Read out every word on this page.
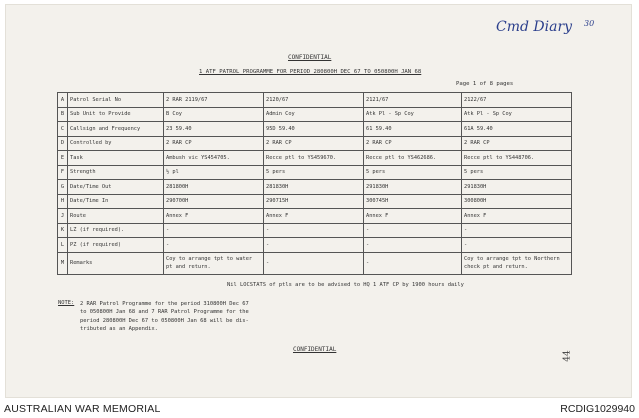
Cmd Diary 30
44
CONFIDENTIAL
1 ATF PATROL PROGRAMME FOR PERIOD 280800H DEC 67 TO 050800H JAN 68
Page 1 of 8 pages
A	Patrol Serial No	2 RAR 2119/67	2120/67	2121/67	2122/67
B	Sub Unit to Provide	B Coy	Admin Coy	Atk Pl - Sp Coy	Atk Pl - Sp Coy
C	Callsign and Frequency	23 59.40	95D 59.40	61 59.40	61A 59.40
D	Controlled by	2 RAR CP	2 RAR CP	2 RAR CP	2 RAR CP
E	Task	Ambush vic YS454705.	Recce ptl to YS459670.	Recce ptl to YS462686.	Recce ptl to YS448706.
F	Strength	½ pl	5 pers	5 pers	5 pers
G	Date/Time Out	281800H	281830H	291830H	291830H
H	Date/Time In	290700H	290715H	300745H	300800H
J	Route	Annex F	Annex F	Annex F	Annex F
K	LZ (if required).	-	-	-	-
L	PZ (if required)	-	-	-	-
M	Remarks	Coy to arrange tpt to water pt and return.	-	-	Coy to arrange tpt to Northern check pt and return.
Nil LOCSTATS of ptls are to be advised to HQ 1 ATF CP by 1900 hours daily
NOTE: 2 RAR Patrol Programme for the period 310800H Dec 67
to 050800H Jan 68 and 7 RAR Patrol Programme for the
period 280800H Dec 67 to 050800H Jan 68 will be dis-
tributed as an Appendix.
CONFIDENTIAL
AUSTRALIAN WAR MEMORIAL	RCDIG1029940
